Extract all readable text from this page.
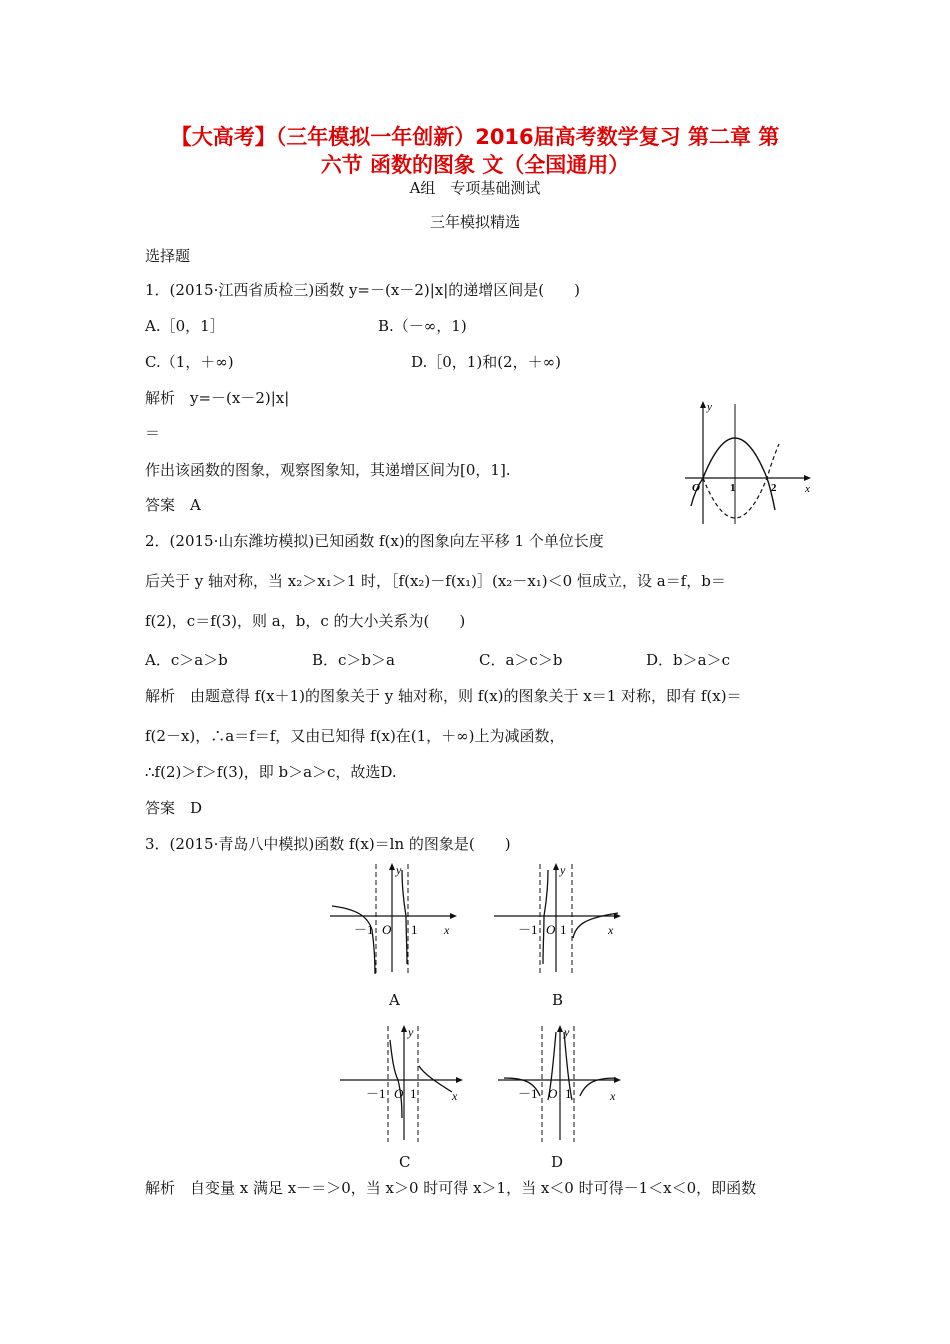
【大高考】（三年模拟一年创新）2016届高考数学复习 第二章 第
六节 函数的图象 文（全国通用）
A组　专项基础测试
三年模拟精选
选择题
1．(2015·江西省质检三)函数 y=－(x－2)|x|的递增区间是(　　)
A.［0，1］	B.（－∞，1)
C.（1，＋∞)	D.［0，1)和(2，＋∞)
解析　y=－(x－2)|x|
＝
作出该函数的图象，观察图象知，其递增区间为[0，1].
答案　A
y
x
O	1	2
2．(2015·山东潍坊模拟)已知函数 f(x)的图象向左平移 1 个单位长度
后关于 y 轴对称，当 x₂＞x₁＞1 时，［f(x₂)－f(x₁)］(x₂－x₁)＜0 恒成立，设 a＝f，b＝
f(2)，c＝f(3)，则 a，b，c 的大小关系为(　　)
A．c＞a＞b	B．c＞b＞a	C．a＞c＞b	D．b＞a＞c
解析　由题意得 f(x＋1)的图象关于 y 轴对称，则 f(x)的图象关于 x＝1 对称，即有 f(x)＝
f(2－x)，∴a＝f＝f，又由已知得 f(x)在(1，＋∞)上为减函数，
∴f(2)＞f＞f(3)，即 b＞a＞c，故选D.
答案　D
3．(2015·青岛八中模拟)函数 f(x)＝ln 的图象是(　　)
y
x
－1 O 1
A
y
x
－1 O 1
B
y
x
－1 O 1
C
y
x
－1 O 1
D
解析　自变量 x 满足 x－＝＞0，当 x＞0 时可得 x＞1，当 x＜0 时可得－1＜x＜0，即函数
